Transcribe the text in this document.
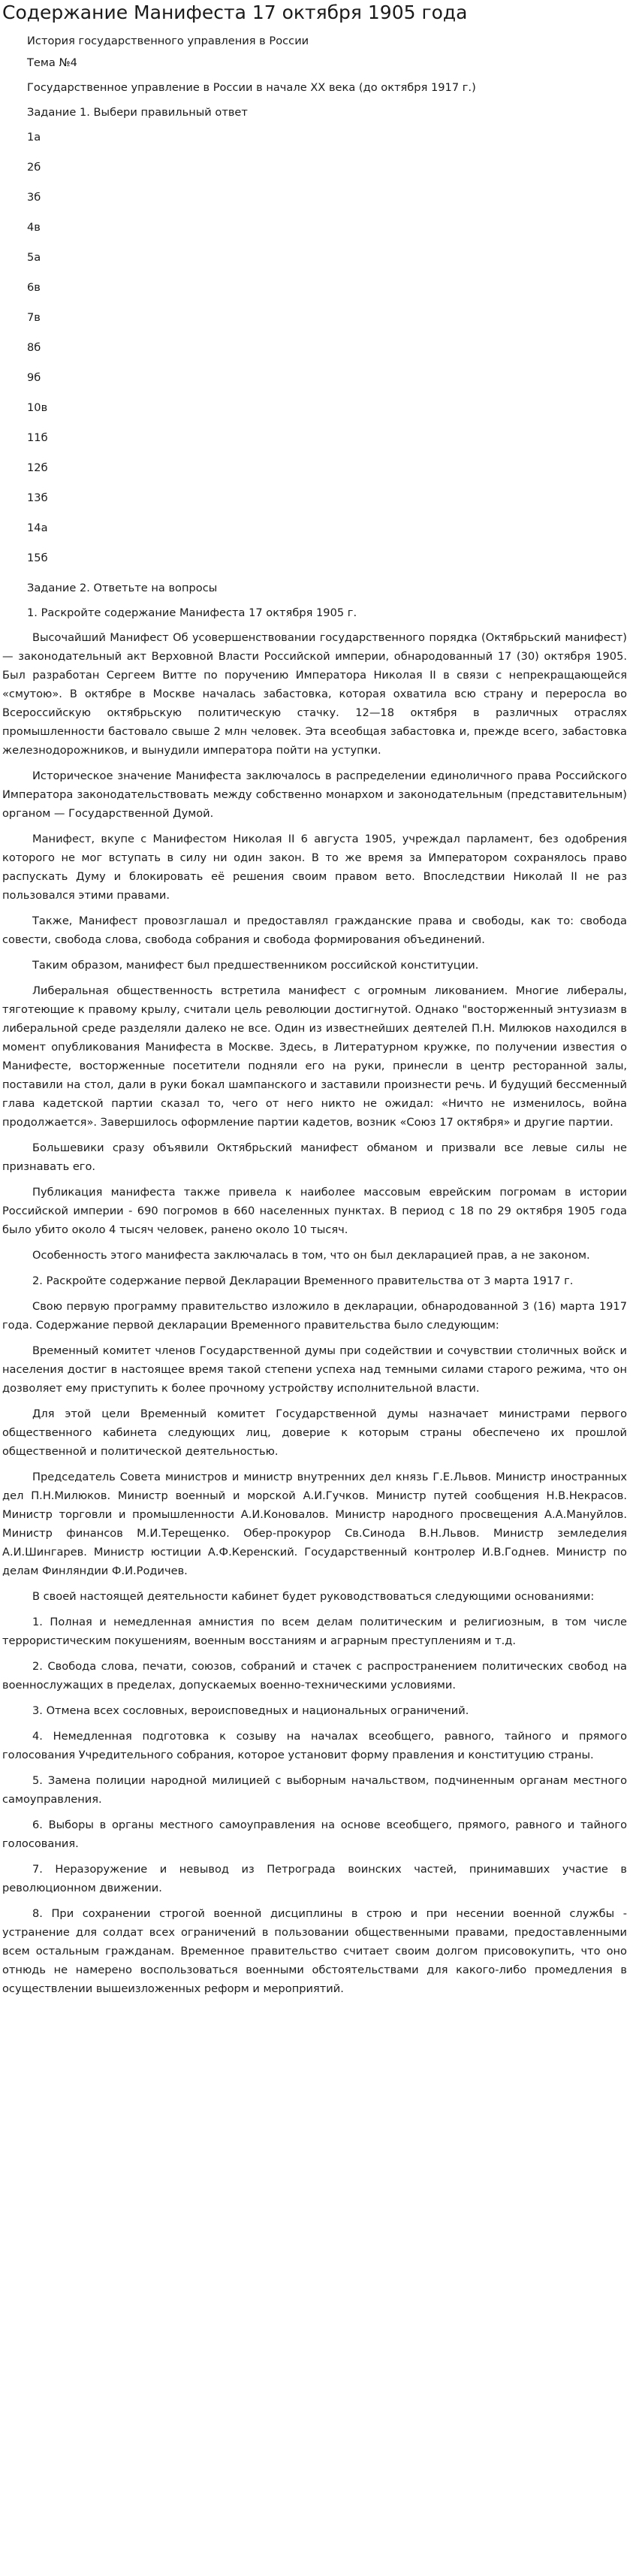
Содержание Манифеста 17 октября 1905 года
История государственного управления в России
Тема №4
Государственное управление в России в начале XX века (до октября 1917 г.)
Задание 1. Выбери правильный ответ
1а
2б
3б
4в
5а
6в
7в
8б
9б
10в
11б
12б
13б
14а
15б
Задание 2. Ответьте на вопросы
1. Раскройте содержание Манифеста 17 октября 1905 г.

Высочайший Манифест Об усовершенствовании государственного порядка (Октябрьский манифест) — законодательный акт Верховной Власти Российской империи, обнародованный 17 (30) октября 1905. Был разработан Сергеем Витте по поручению Императора Николая II в связи с непрекращающейся «смутою». В октябре в Москве началась забастовка, которая охватила всю страну и переросла во Всероссийскую октябрьскую политическую стачку. 12—18 октября в различных отраслях промышленности бастовало свыше 2 млн человек. Эта всеобщая забастовка и, прежде всего, забастовка железнодорожников, и вынудили императора пойти на уступки.

Историческое значение Манифеста заключалось в распределении единоличного права Российского Императора законодательствовать между собственно монархом и законодательным (представительным) органом — Государственной Думой.

Манифест, вкупе с Манифестом Николая II 6 августа 1905, учреждал парламент, без одобрения которого не мог вступать в силу ни один закон. В то же время за Императором сохранялось право распускать Думу и блокировать её решения своим правом вето. Впоследствии Николай II не раз пользовался этими правами.

Также, Манифест провозглашал и предоставлял гражданские права и свободы, как то: свобода совести, свобода слова, свобода собрания и свобода формирования объединений.

Таким образом, манифест был предшественником российской конституции.

Либеральная общественность встретила манифест с огромным ликованием. Многие либералы, тяготеющие к правому крылу, считали цель революции достигнутой. Однако "восторженный энтузиазм в либеральной среде разделяли далеко не все. Один из известнейших деятелей П.Н. Милюков находился в момент опубликования Манифеста в Москве. Здесь, в Литературном кружке, по получении известия о Манифесте, восторженные посетители подняли его на руки, принесли в центр ресторанной залы, поставили на стол, дали в руки бокал шампанского и заставили произнести речь. И будущий бессменный глава кадетской партии сказал то, чего от него никто не ожидал: «Ничто не изменилось, война продолжается». Завершилось оформление партии кадетов, возник «Союз 17 октября» и другие партии.

Большевики сразу объявили Октябрьский манифест обманом и призвали все левые силы не признавать его.

Публикация манифеста также привела к наиболее массовым еврейским погромам в истории Российской империи - 690 погромов в 660 населенных пунктах. В период с 18 по 29 октября 1905 года было убито около 4 тысяч человек, ранено около 10 тысяч.

Особенность этого манифеста заключалась в том, что он был декларацией прав, а не законом.

2. Раскройте содержание первой Декларации Временного правительства от 3 марта 1917 г.

Свою первую программу правительство изложило в декларации, обнародованной 3 (16) марта 1917 года. Содержание первой декларации Временного правительства было следующим:

Временный комитет членов Государственной думы при содействии и сочувствии столичных войск и населения достиг в настоящее время такой степени успеха над темными силами старого режима, что он дозволяет ему приступить к более прочному устройству исполнительной власти.

Для этой цели Временный комитет Государственной думы назначает министрами первого общественного кабинета следующих лиц, доверие к которым страны обеспечено их прошлой общественной и политической деятельностью.

Председатель Совета министров и министр внутренних дел князь Г.Е.Львов. Министр иностранных дел П.Н.Милюков. Министр военный и морской А.И.Гучков. Министр путей сообщения Н.В.Некрасов. Министр торговли и промышленности А.И.Коновалов. Министр народного просвещения А.А.Мануйлов. Министр финансов М.И.Терещенко. Обер-прокурор Св.Синода В.Н.Львов. Министр земледелия А.И.Шингарев. Министр юстиции А.Ф.Керенский. Государственный контролер И.В.Годнев. Министр по делам Финляндии Ф.И.Родичев.

В своей настоящей деятельности кабинет будет руководствоваться следующими основаниями:

1. Полная и немедленная амнистия по всем делам политическим и религиозным, в том числе террористическим покушениям, военным восстаниям и аграрным преступлениям и т.д.

2. Свобода слова, печати, союзов, собраний и стачек с распространением политических свобод на военнослужащих в пределах, допускаемых военно-техническими условиями.

3. Отмена всех сословных, вероисповедных и национальных ограничений.

4. Немедленная подготовка к созыву на началах всеобщего, равного, тайного и прямого голосования Учредительного собрания, которое установит форму правления и конституцию страны.

5. Замена полиции народной милицией с выборным начальством, подчиненным органам местного самоуправления.

6. Выборы в органы местного самоуправления на основе всеобщего, прямого, равного и тайного голосования.

7. Неразоружение и невывод из Петрограда воинских частей, принимавших участие в революционном движении.

8. При сохранении строгой военной дисциплины в строю и при несении военной службы - устранение для солдат всех ограничений в пользовании общественными правами, предоставленными всем остальным гражданам. Временное правительство считает своим долгом присовокупить, что оно отнюдь не намерено воспользоваться военными обстоятельствами для какого-либо промедления в осуществлении вышеизложенных реформ и мероприятий.
